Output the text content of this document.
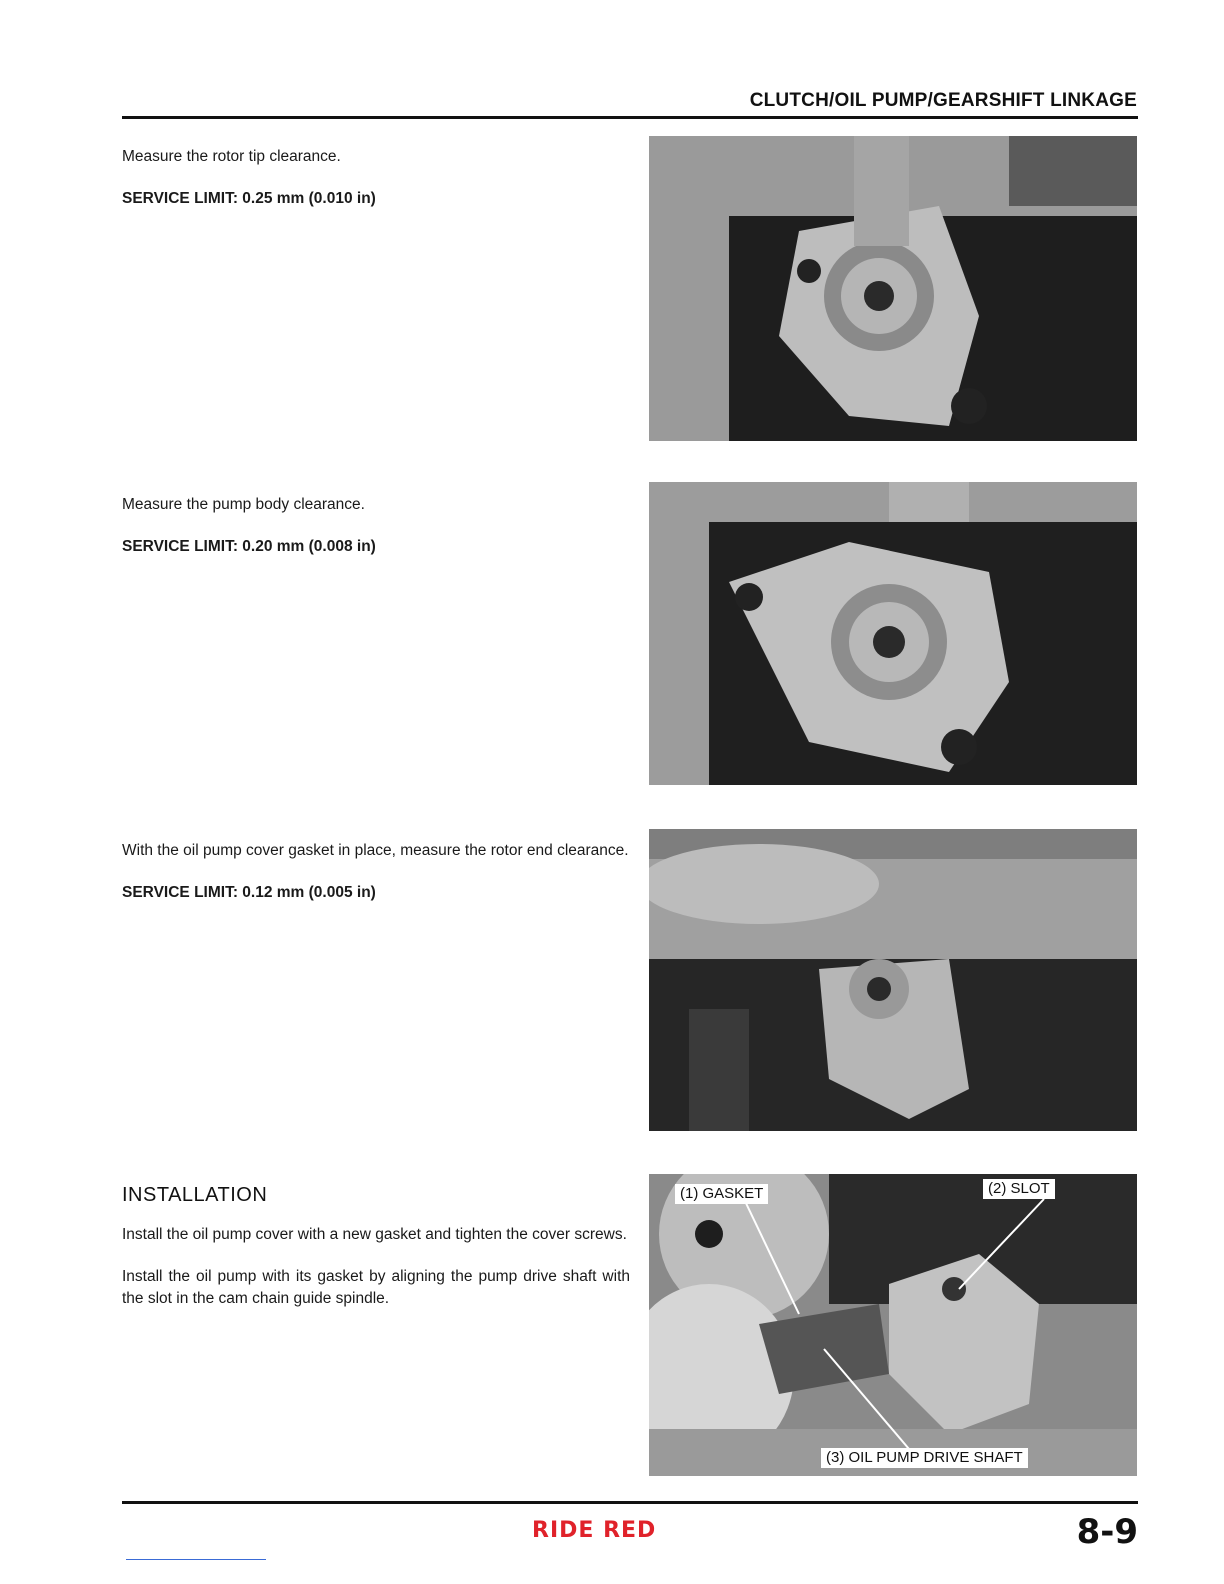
CLUTCH/OIL PUMP/GEARSHIFT LINKAGE

Measure the rotor tip clearance.

SERVICE LIMIT: 0.25 mm (0.010 in)

Measure the pump body clearance.

SERVICE LIMIT: 0.20 mm (0.008 in)

With the oil pump cover gasket in place, measure the rotor end clearance.

SERVICE LIMIT: 0.12 mm (0.005 in)

INSTALLATION

Install the oil pump cover with a new gasket and tighten the cover screws.

Install the oil pump with its gasket by aligning the pump drive shaft with the slot in the cam chain guide spindle.

(1) GASKET	(2) SLOT
(3) OIL PUMP DRIVE SHAFT
RIDE RED	8-9
